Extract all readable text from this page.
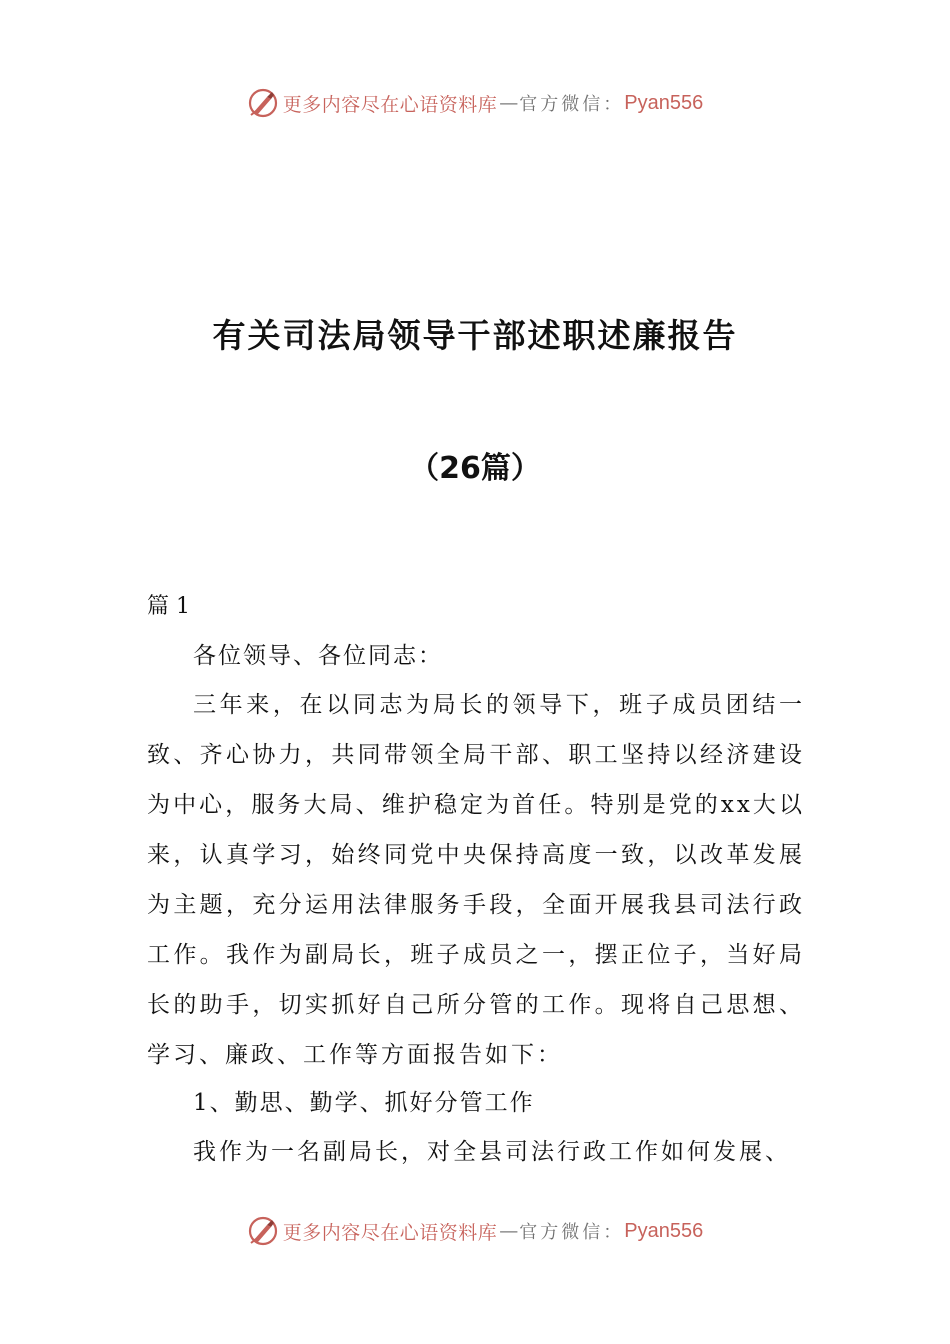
更多内容尽在心语资料库 — 官方微信： Pyan556
有关司法局领导干部述职述廉报告
（26篇）
篇 1

各位领导、各位同志：

三年来，在以同志为局长的领导下，班子成员团结一致、齐心协力，共同带领全局干部、职工坚持以经济建设为中心，服务大局、维护稳定为首任。特别是党的xx大以来，认真学习，始终同党中央保持高度一致，以改革发展为主题，充分运用法律服务手段，全面开展我县司法行政工作。我作为副局长，班子成员之一，摆正位子，当好局长的助手，切实抓好自己所分管的工作。现将自己思想、学习、廉政、工作等方面报告如下：

1、勤思、勤学、抓好分管工作

我作为一名副局长，对全县司法行政工作如何发展、

更多内容尽在心语资料库 — 官方微信： Pyan556
